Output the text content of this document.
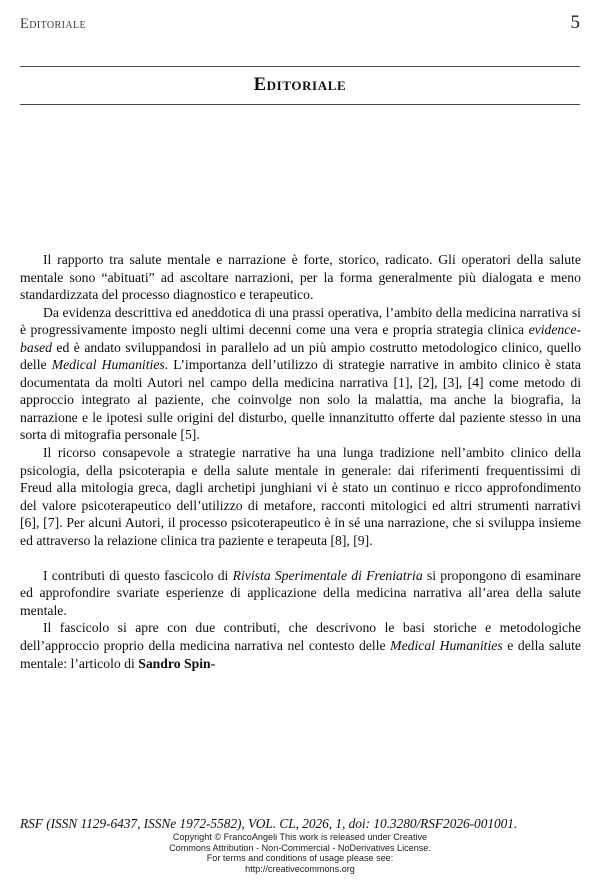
Editoriale	5
Editoriale

Il rapporto tra salute mentale e narrazione è forte, storico, radicato. Gli operatori della salute mentale sono “abituati” ad ascoltare narrazioni, per la forma generalmente più dialogata e meno standardizzata del processo diagnostico e terapeutico.

Da evidenza descrittiva ed aneddotica di una prassi operativa, l’ambito della medicina narrativa si è progressivamente imposto negli ultimi decenni come una vera e propria strategia clinica evidence-based ed è andato sviluppandosi in parallelo ad un più ampio costrutto metodologico clinico, quello delle Medical Humanities. L’importanza dell’utilizzo di strategie narrative in ambito clinico è stata documentata da molti Autori nel campo della medicina narrativa [1], [2], [3], [4] come metodo di approccio integrato al paziente, che coinvolge non solo la malattia, ma anche la biografia, la narrazione e le ipotesi sulle origini del disturbo, quelle innanzitutto offerte dal paziente stesso in una sorta di mitografia personale [5].

Il ricorso consapevole a strategie narrative ha una lunga tradizione nell’ambito clinico della psicologia, della psicoterapia e della salute mentale in generale: dai riferimenti frequentissimi di Freud alla mitologia greca, dagli archetipi junghiani vi è stato un continuo e ricco approfondimento del valore psicoterapeutico dell’utilizzo di metafore, racconti mitologici ed altri strumenti narrativi [6], [7]. Per alcuni Autori, il processo psicoterapeutico è in sé una narrazione, che si sviluppa insieme ed attraverso la relazione clinica tra paziente e terapeuta [8], [9].

I contributi di questo fascicolo di Rivista Sperimentale di Freniatria si propongono di esaminare ed approfondire svariate esperienze di applicazione della medicina narrativa all’area della salute mentale.

Il fascicolo si apre con due contributi, che descrivono le basi storiche e metodologiche dell’approccio proprio della medicina narrativa nel contesto delle Medical Humanities e della salute mentale: l’articolo di Sandro Spin-

RSF (ISSN 1129-6437, ISSNe 1972-5582), VOL. CL, 2026, 1, doi: 10.3280/RSF2026-001001.
Copyright © FrancoAngeli This work is released under Creative
Commons Attribution - Non-Commercial - NoDerivatives License.
For terms and conditions of usage please see:
http://creativecommons.org
